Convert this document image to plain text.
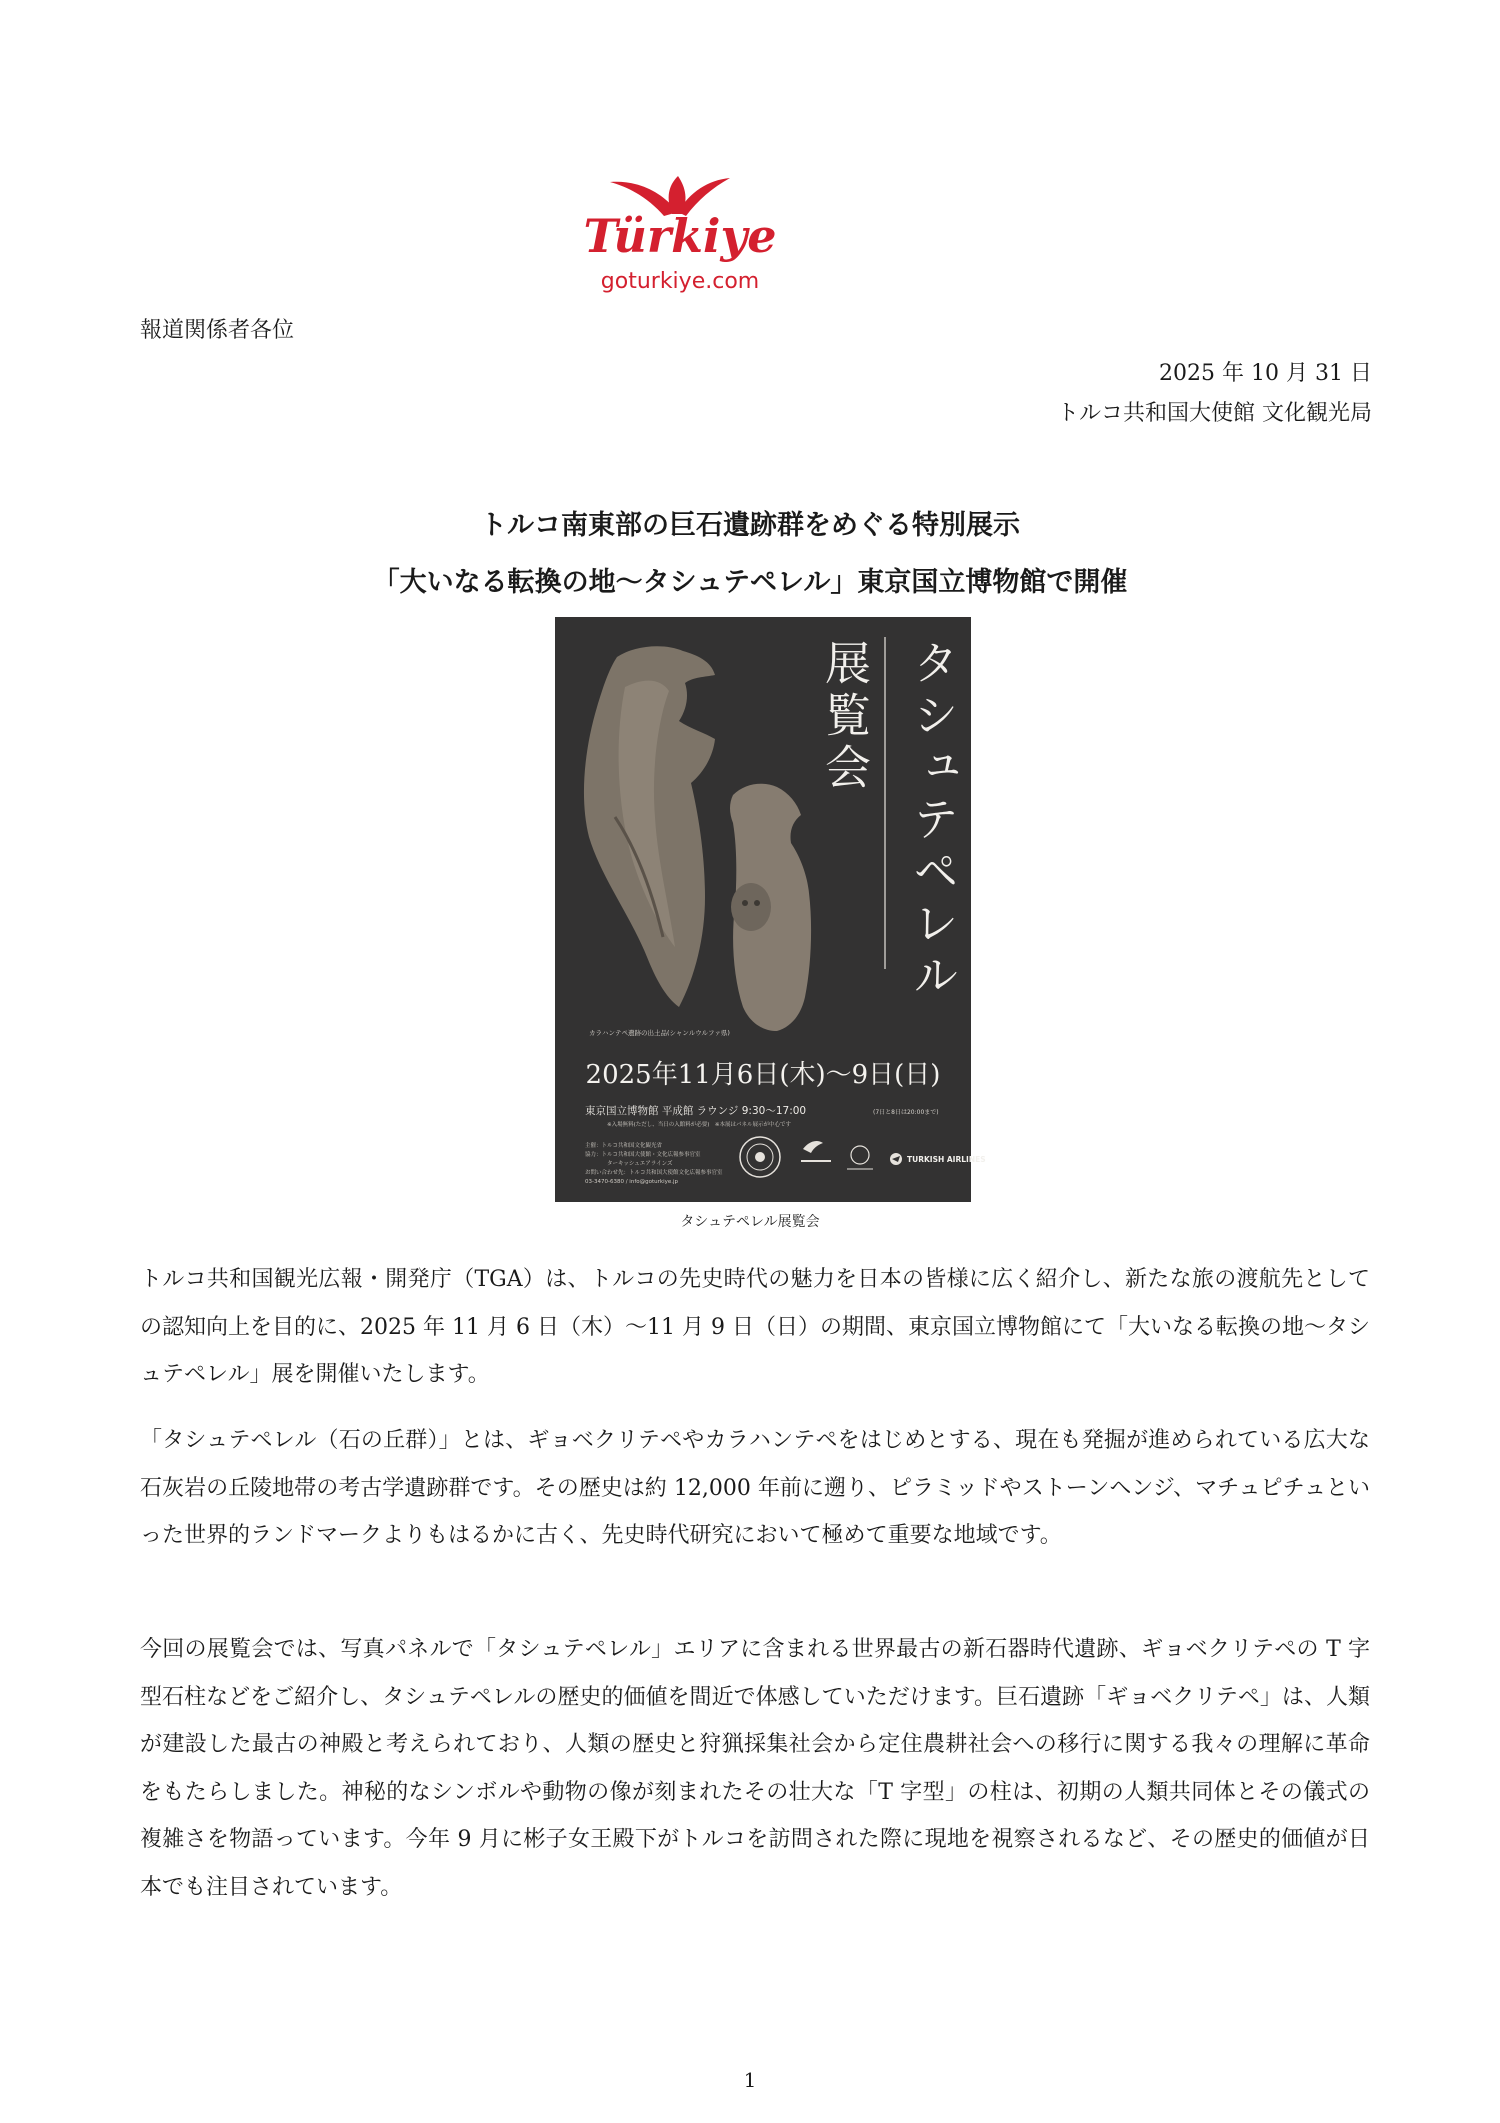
Türkiye
goturkiye.com
報道関係者各位
2025 年 10 月 31 日
トルコ共和国大使館 文化観光局
トルコ南東部の巨石遺跡群をめぐる特別展示
「大いなる転換の地～タシュテペレル」東京国立博物館で開催
タシュテペレル
展覧会
カラハンテペ遺跡の出土品(シャンルウルファ県)
2025年11月6日(木)～9日(日)
東京国立博物館 平成館 ラウンジ 9:30～17:00	(7日と8日は20:00まで)
※入場無料(ただし、当日の入館料が必要)　※本展はパネル展示が中心です
主催：トルコ共和国文化観光省
協力：トルコ共和国大使館・文化広報参事官室
ターキッシュエアラインズ
お問い合わせ先：トルコ共和国大使館文化広報参事官室
03-3470-6380 / info@goturkiye.jp
TURKISH AIRLINES
タシュテペレル展覧会

トルコ共和国観光広報・開発庁（TGA）は、トルコの先史時代の魅力を日本の皆様に広く紹介し、新たな旅の渡航先としての認知向上を目的に、2025 年 11 月 6 日（木）～11 月 9 日（日）の期間、東京国立博物館にて「大いなる転換の地～タシュテペレル」展を開催いたします。

「タシュテペレル（石の丘群）」とは、ギョベクリテペやカラハンテペをはじめとする、現在も発掘が進められている広大な石灰岩の丘陵地帯の考古学遺跡群です。その歴史は約 12,000 年前に遡り、ピラミッドやストーンヘンジ、マチュピチュといった世界的ランドマークよりもはるかに古く、先史時代研究において極めて重要な地域です。

今回の展覧会では、写真パネルで「タシュテペレル」エリアに含まれる世界最古の新石器時代遺跡、ギョベクリテペの T 字型石柱などをご紹介し、タシュテペレルの歴史的価値を間近で体感していただけます。巨石遺跡「ギョベクリテペ」は、人類が建設した最古の神殿と考えられており、人類の歴史と狩猟採集社会から定住農耕社会への移行に関する我々の理解に革命をもたらしました。神秘的なシンボルや動物の像が刻まれたその壮大な「T 字型」の柱は、初期の人類共同体とその儀式の複雑さを物語っています。今年 9 月に彬子女王殿下がトルコを訪問された際に現地を視察されるなど、その歴史的価値が日本でも注目されています。

1
